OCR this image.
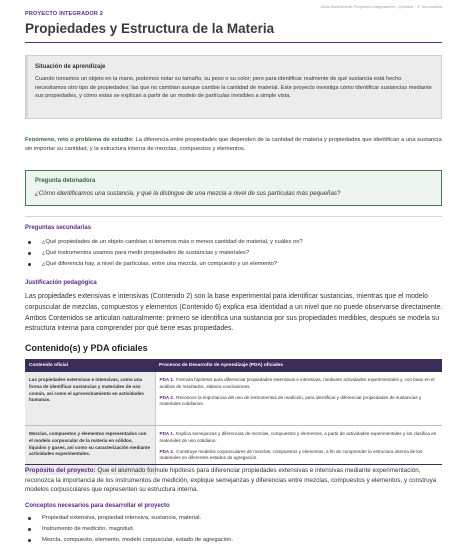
Guía Didáctica de Proyectos Integradores · Química · 3° Secundaria
PROYECTO INTEGRADOR 2
Propiedades y Estructura de la Materia
Situación de aprendizaje

Cuando tomamos un objeto en la mano, podemos notar su tamaño, su peso o su color; pero para identificar realmente de qué sustancia está hecho necesitamos otro tipo de propiedades: las que no cambian aunque cambie la cantidad de material. Este proyecto investiga cómo identificar sustancias mediante sus propiedades, y cómo estas se explican a partir de un modelo de partículas invisibles a simple vista.

Fenómeno, reto o problema de estudio: La diferencia entre propiedades que dependen de la cantidad de materia y propiedades que identifican a una sustancia sin importar su cantidad, y la estructura interna de mezclas, compuestos y elementos.
Pregunta detonadora
¿Cómo identificamos una sustancia, y qué la distingue de una mezcla a nivel de sus partículas más pequeñas?
Preguntas secundarias
¿Qué propiedades de un objeto cambian si tenemos más o menos cantidad de material, y cuáles no?
¿Qué instrumentos usamos para medir propiedades de sustancias y materiales?
¿Qué diferencia hay, a nivel de partículas, entre una mezcla, un compuesto y un elemento?
Justificación pedagógica
Las propiedades extensivas e intensivas (Contenido 2) son la base experimental para identificar sustancias, mientras que el modelo corpuscular de mezclas, compuestos y elementos (Contenido 6) explica esa identidad a un nivel que no puede observarse directamente. Ambos Contenidos se articulan naturalmente: primero se identifica una sustancia por sus propiedades medibles, después se modela su estructura interna para comprender por qué tiene esas propiedades.
Contenido(s) y PDA oficiales
Contenido oficial	Procesos de Desarrollo de Aprendizaje (PDA) oficiales
Las propiedades extensivas e intensivas, como una forma de identificar sustancias y materiales de uso común, así como el aprovechamiento en actividades humanas.	PDA 1. Formula hipótesis para diferenciar propiedades extensivas e intensivas, mediante actividades experimentales y, con base en el análisis de resultados, elabora conclusiones.
PDA 2. Reconoce la importancia del uso de instrumentos de medición, para identificar y diferenciar propiedades de sustancias y materiales cotidianos.

Mezclas, compuestos y elementos representados con el modelo corpuscular de la materia en sólidos, líquidos y gases, así como su caracterización mediante actividades experimentales.	PDA 1. Explica semejanzas y diferencias de mezclas, compuestos y elementos, a partir de actividades experimentales y los clasifica en materiales de uso cotidiano.
PDA 2. Construye modelos corpusculares de mezclas, compuestos y elementos, a fin de comprender la estructura interna de los materiales en diferentes estados de agregación.
Propósito del proyecto: Que el alumnado formule hipótesis para diferenciar propiedades extensivas e intensivas mediante experimentación, reconozca la importancia de los instrumentos de medición, explique semejanzas y diferencias entre mezclas, compuestos y elementos, y construya modelos corpusculares que representen su estructura interna.
Conceptos necesarios para desarrollar el proyecto
Propiedad extensiva, propiedad intensiva, sustancia, material.
Instrumento de medición, magnitud.
Mezcla, compuesto, elemento, modelo corpuscular, estado de agregación.
